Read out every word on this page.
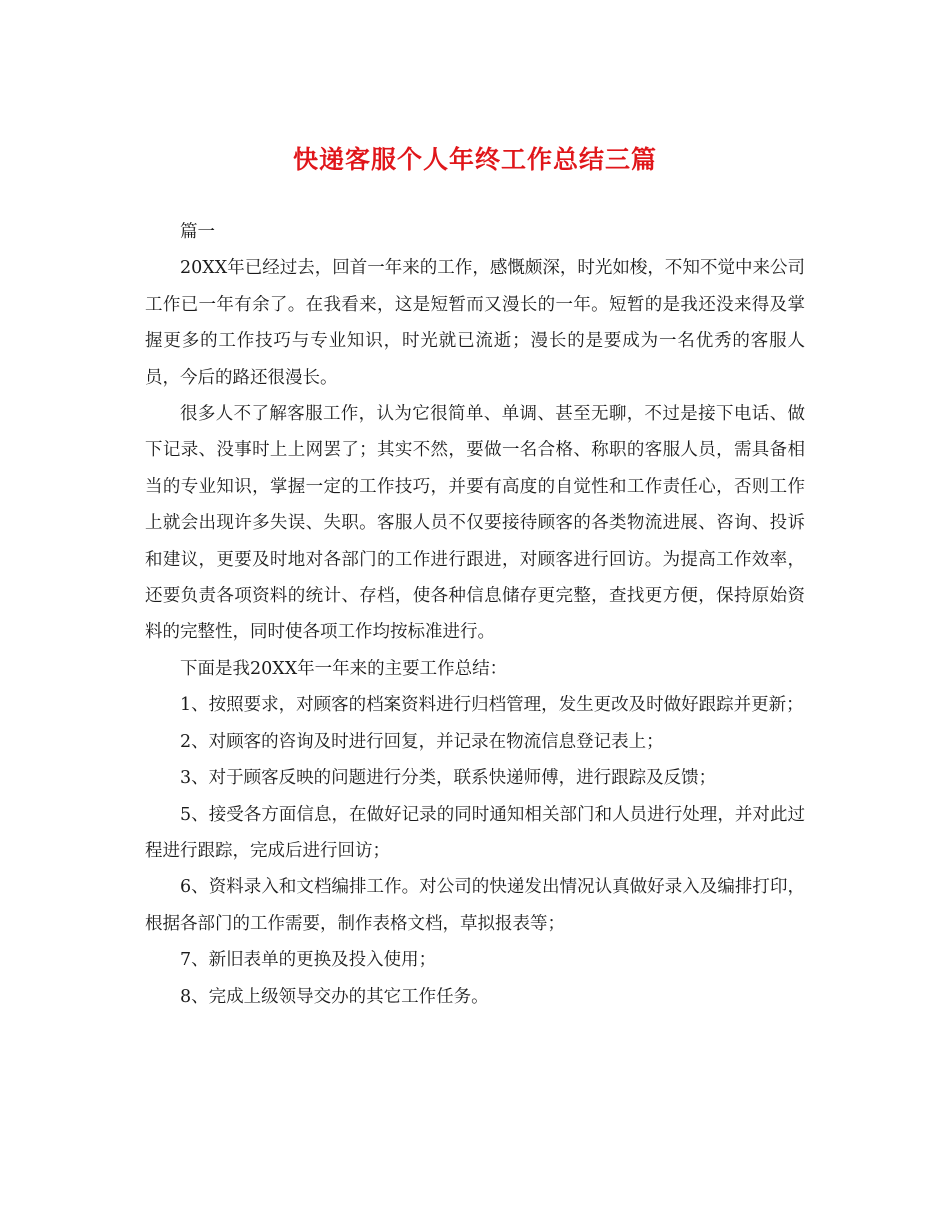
快递客服个人年终工作总结三篇

篇一

20XX年已经过去，回首一年来的工作，感慨颇深，时光如梭，不知不觉中来公司工作已一年有余了。在我看来，这是短暂而又漫长的一年。短暂的是我还没来得及掌握更多的工作技巧与专业知识，时光就已流逝；漫长的是要成为一名优秀的客服人员，今后的路还很漫长。

很多人不了解客服工作，认为它很简单、单调、甚至无聊，不过是接下电话、做下记录、没事时上上网罢了；其实不然，要做一名合格、称职的客服人员，需具备相当的专业知识，掌握一定的工作技巧，并要有高度的自觉性和工作责任心，否则工作上就会出现许多失误、失职。客服人员不仅要接待顾客的各类物流进展、咨询、投诉和建议，更要及时地对各部门的工作进行跟进，对顾客进行回访。为提高工作效率，还要负责各项资料的统计、存档，使各种信息储存更完整，查找更方便，保持原始资料的完整性，同时使各项工作均按标准进行。

下面是我20XX年一年来的主要工作总结：

1、按照要求，对顾客的档案资料进行归档管理，发生更改及时做好跟踪并更新；

2、对顾客的咨询及时进行回复，并记录在物流信息登记表上；

3、对于顾客反映的问题进行分类，联系快递师傅，进行跟踪及反馈；

5、接受各方面信息，在做好记录的同时通知相关部门和人员进行处理，并对此过程进行跟踪，完成后进行回访；

6、资料录入和文档编排工作。对公司的快递发出情况认真做好录入及编排打印，根据各部门的工作需要，制作表格文档，草拟报表等；

7、新旧表单的更换及投入使用；

8、完成上级领导交办的其它工作任务。
